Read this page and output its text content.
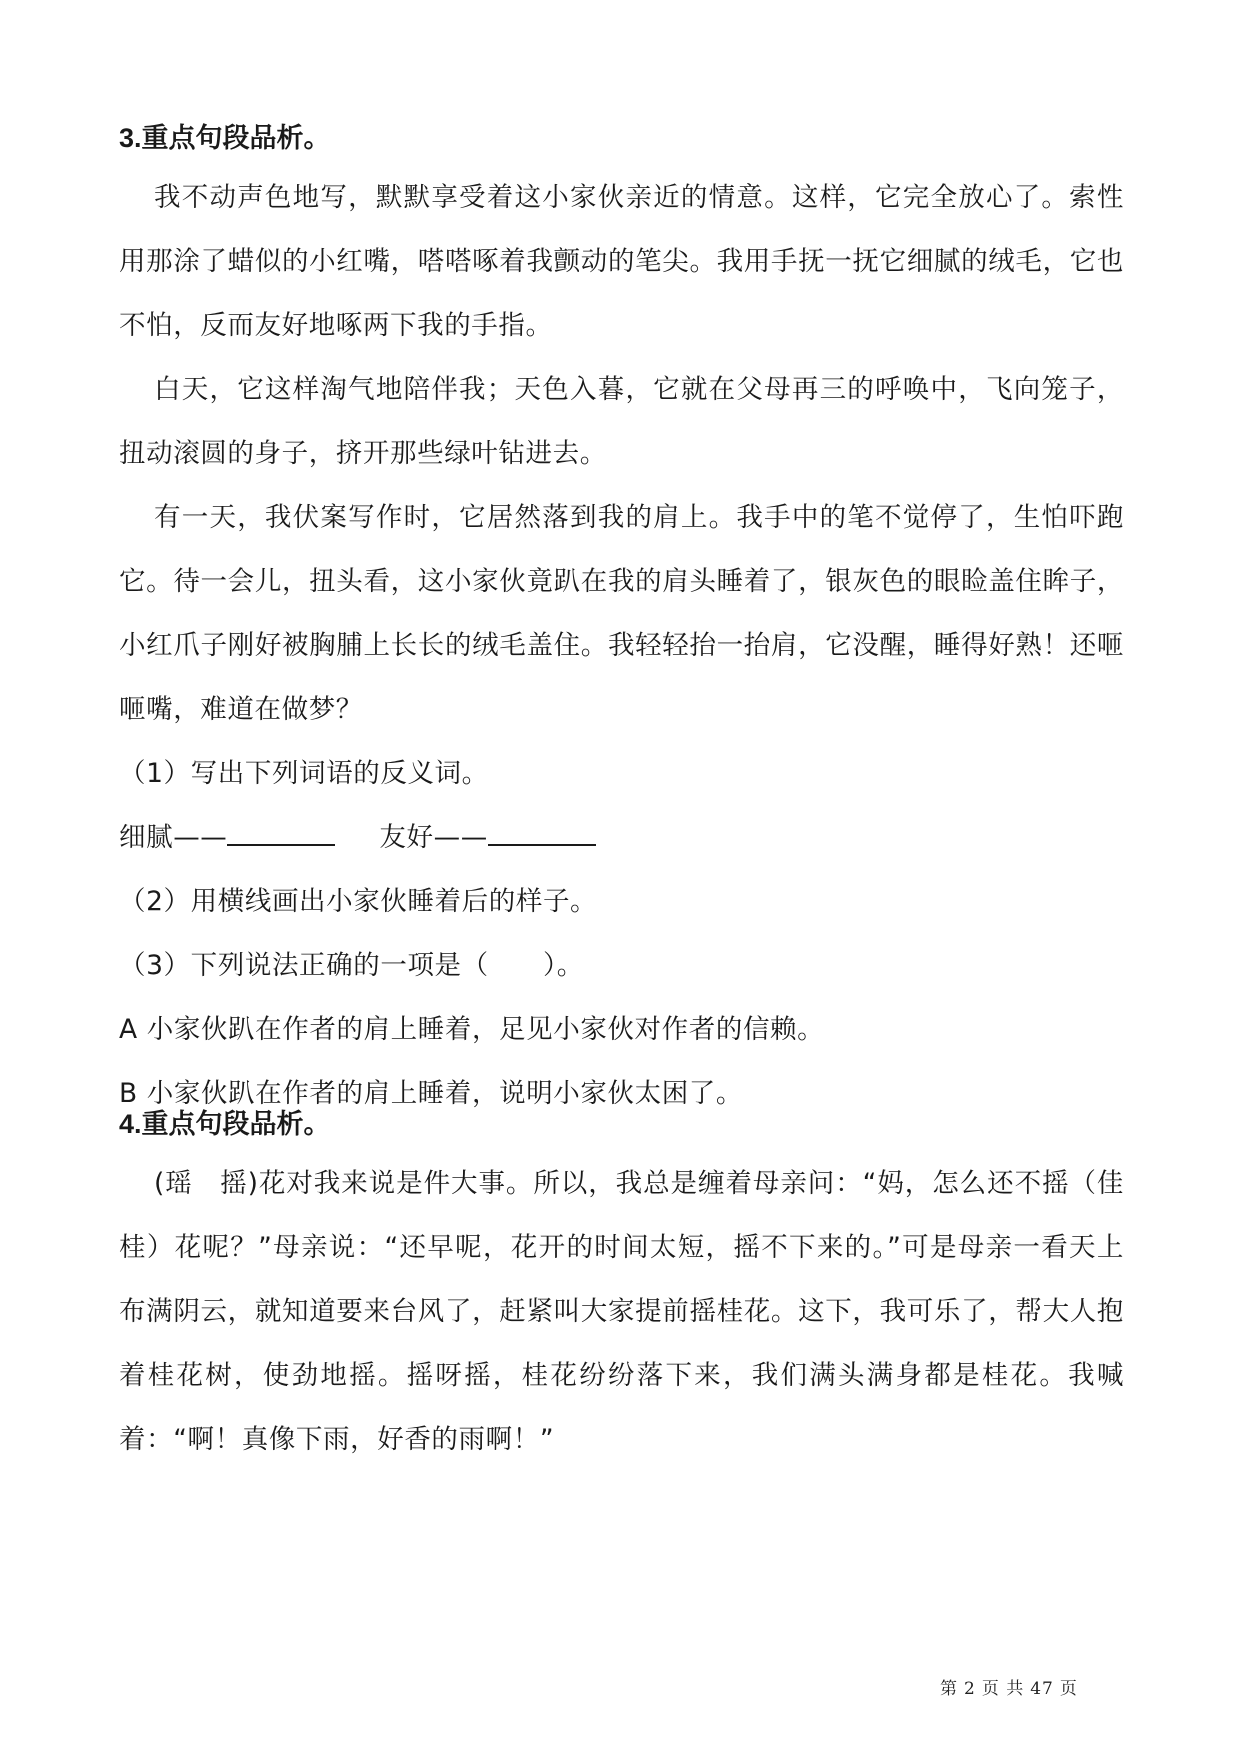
3.重点句段品析。

我不动声色地写，默默享受着这小家伙亲近的情意。这样，它完全放心了。索性用那涂了蜡似的小红嘴，嗒嗒啄着我颤动的笔尖。我用手抚一抚它细腻的绒毛，它也不怕，反而友好地啄两下我的手指。

白天，它这样淘气地陪伴我；天色入暮，它就在父母再三的呼唤中，飞向笼子，扭动滚圆的身子，挤开那些绿叶钻进去。

有一天，我伏案写作时，它居然落到我的肩上。我手中的笔不觉停了，生怕吓跑它。待一会儿，扭头看，这小家伙竟趴在我的肩头睡着了，银灰色的眼睑盖住眸子，小红爪子刚好被胸脯上长长的绒毛盖住。我轻轻抬一抬肩，它没醒，睡得好熟！还咂咂嘴，难道在做梦？

（1）写出下列词语的反义词。

细腻——	友好——

（2）用横线画出小家伙睡着后的样子。

（3）下列说法正确的一项是（　　）。

A 小家伙趴在作者的肩上睡着，足见小家伙对作者的信赖。

B 小家伙趴在作者的肩上睡着，说明小家伙太困了。

4.重点句段品析。

(瑶　摇)花对我来说是件大事。所以，我总是缠着母亲问：“妈，怎么还不摇（佳　桂）花呢？”母亲说：“还早呢，花开的时间太短，摇不下来的。”可是母亲一看天上布满阴云，就知道要来台风了，赶紧叫大家提前摇桂花。这下，我可乐了，帮大人抱着桂花树，使劲地摇。摇呀摇，桂花纷纷落下来，我们满头满身都是桂花。我喊着：“啊！真像下雨，好香的雨啊！”

第 2 页 共 47 页
